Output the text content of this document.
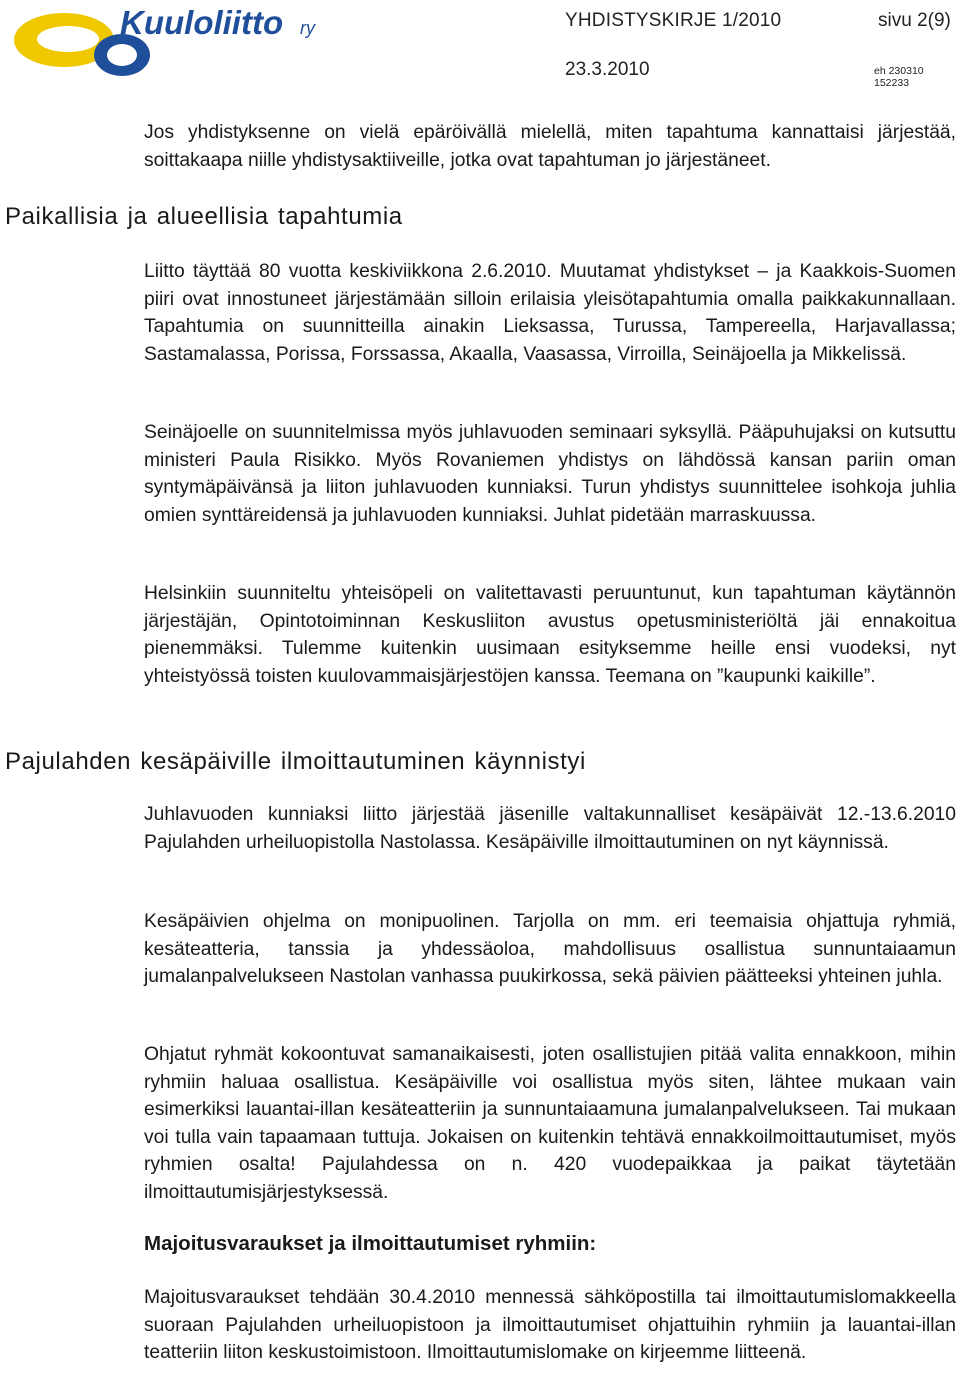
Kuuloliitto ry	YHDISTYSKIRJE 1/2010	sivu 2(9)
23.3.2010	eh 230310 152233

Jos yhdistyksenne on vielä epäröivällä mielellä, miten tapahtuma kannattaisi järjestää, soittakaapa niille yhdistysaktiiveille, jotka ovat tapahtuman jo järjestäneet.

Paikallisia ja alueellisia tapahtumia

Liitto täyttää 80 vuotta keskiviikkona 2.6.2010. Muutamat yhdistykset – ja Kaakkois-Suomen piiri ovat innostuneet järjestämään silloin erilaisia yleisötapahtumia omalla paikkakunnallaan. Tapahtumia on suunnitteilla ainakin Lieksassa, Turussa, Tampereella, Harjavallassa; Sastamalassa, Porissa, Forssassa, Akaalla, Vaasassa, Virroilla, Seinäjoella ja Mikkelissä.

Seinäjoelle on suunnitelmissa myös juhlavuoden seminaari syksyllä. Pääpuhujaksi on kutsuttu ministeri Paula Risikko. Myös Rovaniemen yhdistys on lähdössä kansan pariin oman syntymäpäivänsä ja liiton juhlavuoden kunniaksi. Turun yhdistys suunnittelee isohkoja juhlia omien synttäreidensä ja juhlavuoden kunniaksi. Juhlat pidetään marraskuussa.

Helsinkiin suunniteltu yhteisöpeli on valitettavasti peruuntunut, kun tapahtuman käytännön järjestäjän, Opintotoiminnan Keskusliiton avustus opetusministeriöltä jäi ennakoitua pienemmäksi. Tulemme kuitenkin uusimaan esityksemme heille ensi vuodeksi, nyt yhteistyössä toisten kuulovammaisjärjestöjen kanssa. Teemana on ”kaupunki kaikille”.

Pajulahden kesäpäiville ilmoittautuminen käynnistyi

Juhlavuoden kunniaksi liitto järjestää jäsenille valtakunnalliset kesäpäivät 12.-13.6.2010 Pajulahden urheiluopistolla Nastolassa. Kesäpäiville ilmoittautuminen on nyt käynnissä.

Kesäpäivien ohjelma on monipuolinen. Tarjolla on mm. eri teemaisia ohjattuja ryhmiä, kesäteatteria, tanssia ja yhdessäoloa, mahdollisuus osallistua sunnuntaiaamun jumalanpalvelukseen Nastolan vanhassa puukirkossa, sekä päivien päätteeksi yhteinen juhla.

Ohjatut ryhmät kokoontuvat samanaikaisesti, joten osallistujien pitää valita ennakkoon, mihin ryhmiin haluaa osallistua. Kesäpäiville voi osallistua myös siten, lähtee mukaan vain esimerkiksi lauantai-illan kesäteatteriin ja sunnuntaiaamuna jumalanpalvelukseen. Tai mukaan voi tulla vain tapaamaan tuttuja. Jokaisen on kuitenkin tehtävä ennakkoilmoittautumiset, myös ryhmien osalta! Pajulahdessa on n. 420 vuodepaikkaa ja paikat täytetään ilmoittautumisjärjestyksessä.

Majoitusvaraukset ja ilmoittautumiset ryhmiin:

Majoitusvaraukset tehdään 30.4.2010 mennessä sähköpostilla tai ilmoittautumislomakkeella suoraan Pajulahden urheiluopistoon ja ilmoittautumiset ohjattuihin ryhmiin ja lauantai-illan teatteriin liiton keskustoimistoon. Ilmoittautumislomake on kirjeemme liitteenä.
